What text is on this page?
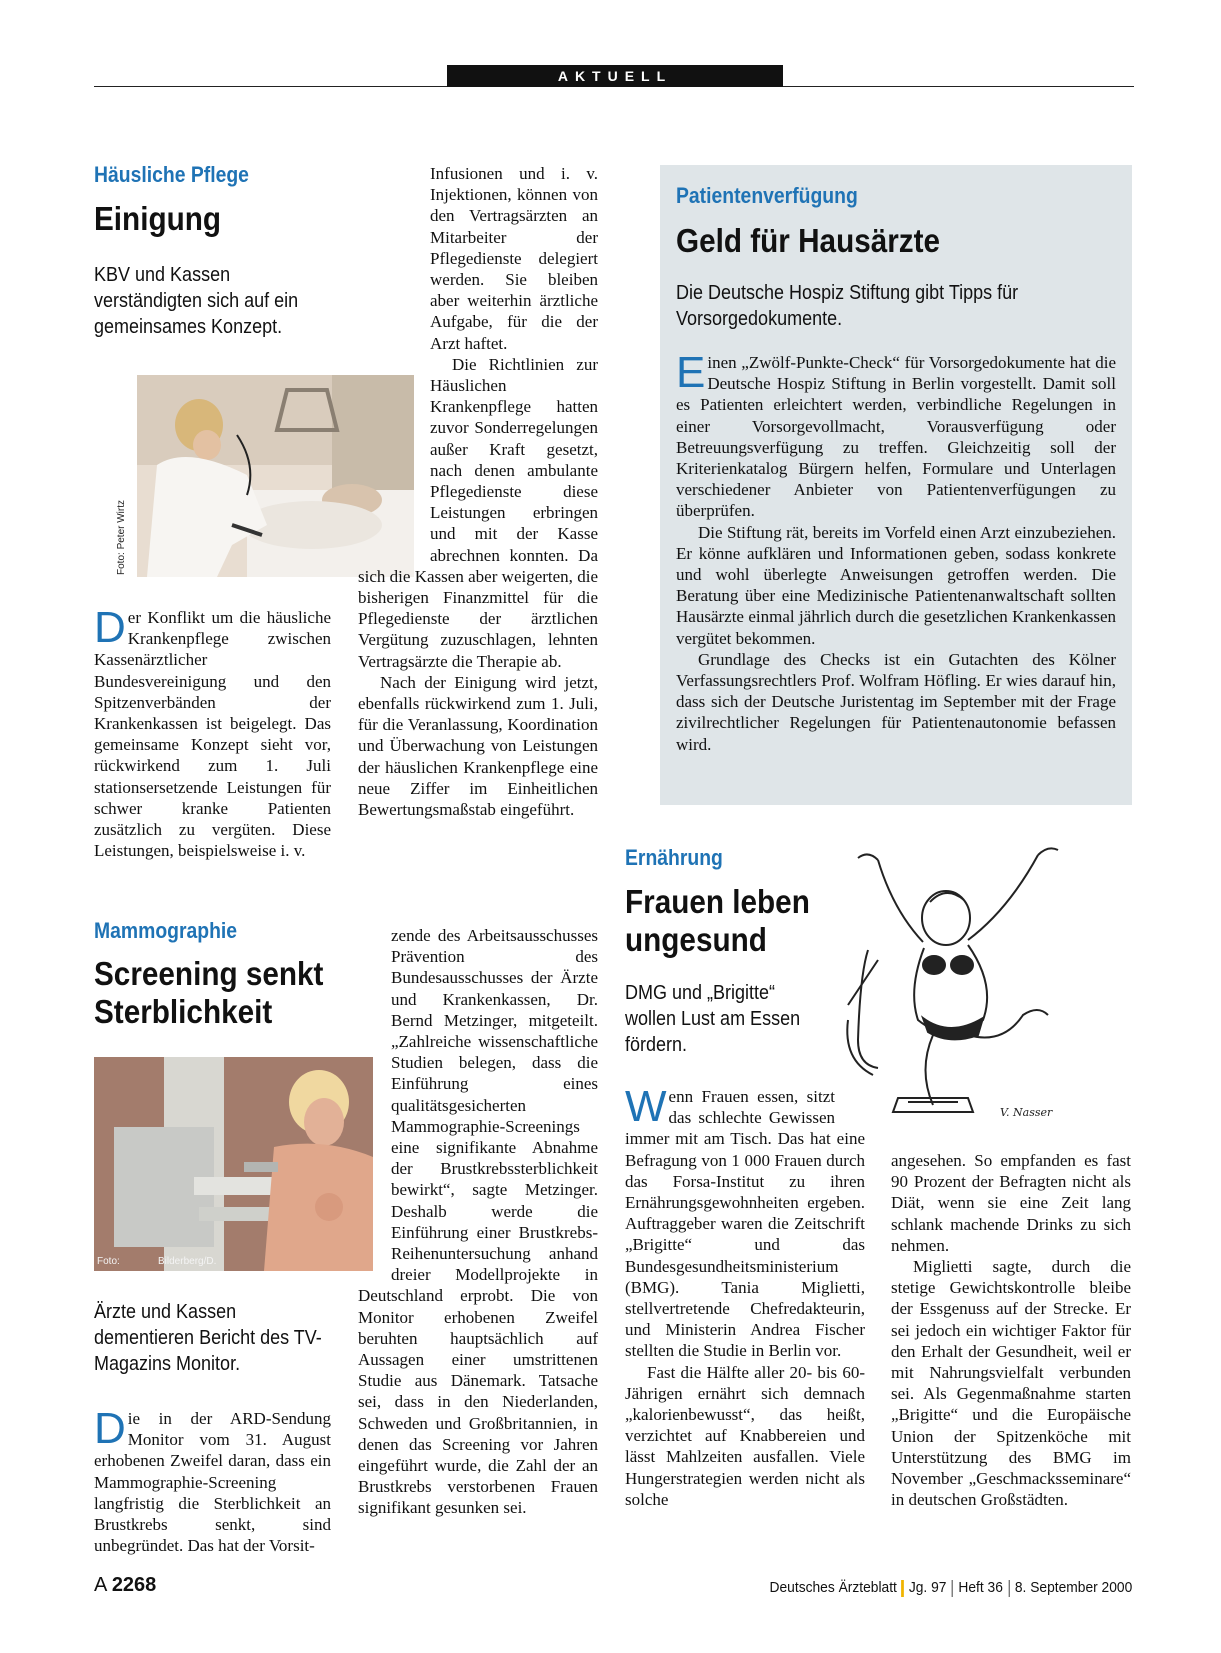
AKTUELL
Häusliche Pflege
Einigung
KBV und Kassen verständigten sich auf ein gemeinsames Konzept.
Foto: Peter Wirtz

Der Konflikt um die häusliche Krankenpflege zwischen Kassenärztlicher Bundesvereinigung und den Spitzenverbänden der Krankenkassen ist beigelegt. Das gemeinsame Konzept sieht vor, rückwirkend zum 1. Juli stationsersetzende Leistungen für schwer kranke Patienten zusätzlich zu vergüten. Diese Leistungen, beispielsweise i. v.

Infusionen und i. v. Injektionen, können von den Vertragsärzten an Mitarbeiter der Pflegedienste delegiert werden. Sie bleiben aber weiterhin ärztliche Aufgabe, für die der Arzt haftet.

Die Richtlinien zur Häuslichen Krankenpflege hatten zuvor Sonderregelungen außer Kraft gesetzt, nach denen ambulante Pflegedienste diese Leistungen erbringen und mit der Kasse abrechnen konnten. Da sich die Kassen aber weigerten, die bisherigen Finanzmittel für die Pflegedienste der ärztlichen Vergütung zuzuschlagen, lehnten Vertragsärzte die Therapie ab.

Nach der Einigung wird jetzt, ebenfalls rückwirkend zum 1. Juli, für die Veranlassung, Koordination und Überwachung von Leistungen der häuslichen Krankenpflege eine neue Ziffer im Einheitlichen Bewertungsmaßstab eingeführt.

Patientenverfügung
Geld für Hausärzte
Die Deutsche Hospiz Stiftung gibt Tipps für Vorsorgedokumente.

Einen „Zwölf-Punkte-Check“ für Vorsorgedokumente hat die Deutsche Hospiz Stiftung in Berlin vorgestellt. Damit soll es Patienten erleichtert werden, verbindliche Regelungen in einer Vorsorgevollmacht, Vorausverfügung oder Betreuungsverfügung zu treffen. Gleichzeitig soll der Kriterienkatalog Bürgern helfen, Formulare und Unterlagen verschiedener Anbieter von Patientenverfügungen zu überprüfen.

Die Stiftung rät, bereits im Vorfeld einen Arzt einzubeziehen. Er könne aufklären und Informationen geben, sodass konkrete und wohl überlegte Anweisungen getroffen werden. Die Beratung über eine Medizinische Patientenanwaltschaft sollten Hausärzte einmal jährlich durch die gesetzlichen Krankenkassen vergütet bekommen.

Grundlage des Checks ist ein Gutachten des Kölner Verfassungsrechtlers Prof. Wolfram Höfling. Er wies darauf hin, dass sich der Deutsche Juristentag im September mit der Frage zivilrechtlicher Regelungen für Patientenautonomie befassen wird.

Mammographie
Screening senkt
Sterblichkeit
Foto:	Bilderberg/D.
Ärzte und Kassen dementieren Bericht des TV-Magazins Monitor.

Die in der ARD-Sendung Monitor vom 31. August erhobenen Zweifel daran, dass ein Mammographie-Screening langfristig die Sterblichkeit an Brustkrebs senkt, sind unbegründet. Das hat der Vorsit-

zende des Arbeitsausschusses Prävention des Bundesausschusses der Ärzte und Krankenkassen, Dr. Bernd Metzinger, mitgeteilt. „Zahlreiche wissenschaftliche Studien belegen, dass die Einführung eines qualitätsgesicherten Mammographie-Screenings eine signifikante Abnahme der Brustkrebssterblichkeit bewirkt“, sagte Metzinger. Deshalb werde die Einführung einer Brustkrebs-Reihenuntersuchung anhand dreier Modellprojekte in Deutschland erprobt. Die von Monitor erhobenen Zweifel beruhten hauptsächlich auf Aussagen einer umstrittenen Studie aus Dänemark. Tatsache sei, dass in den Niederlanden, Schweden und Großbritannien, in denen das Screening vor Jahren eingeführt wurde, die Zahl der an Brustkrebs verstorbenen Frauen signifikant gesunken sei.

Ernährung
Frauen leben
ungesund
DMG und „Brigitte“ wollen Lust am Essen fördern.
V. Nasser

Wenn Frauen essen, sitzt das schlechte Gewissen immer mit am Tisch. Das hat eine Befragung von 1 000 Frauen durch das Forsa-Institut zu ihren Ernährungsgewohnheiten ergeben. Auftraggeber waren die Zeitschrift „Brigitte“ und das Bundesgesundheitsministerium (BMG). Tania Miglietti, stellvertretende Chefredakteurin, und Ministerin Andrea Fischer stellten die Studie in Berlin vor.

Fast die Hälfte aller 20- bis 60-Jährigen ernährt sich demnach „kalorienbewusst“, das heißt, verzichtet auf Knabbereien und lässt Mahlzeiten ausfallen. Viele Hungerstrategien werden nicht als solche

angesehen. So empfanden es fast 90 Prozent der Befragten nicht als Diät, wenn sie eine Zeit lang schlank machende Drinks zu sich nehmen.

Miglietti sagte, durch die stetige Gewichtskontrolle bleibe der Essgenuss auf der Strecke. Er sei jedoch ein wichtiger Faktor für den Erhalt der Gesundheit, weil er mit Nahrungsvielfalt verbunden sei. Als Gegenmaßnahme starten „Brigitte“ und die Europäische Union der Spitzenköche mit Unterstützung des BMG im November „Geschmacksseminare“ in deutschen Großstädten.

A 2268	Deutsches Ärzteblatt Jg. 97 Heft 36 8. September 2000
